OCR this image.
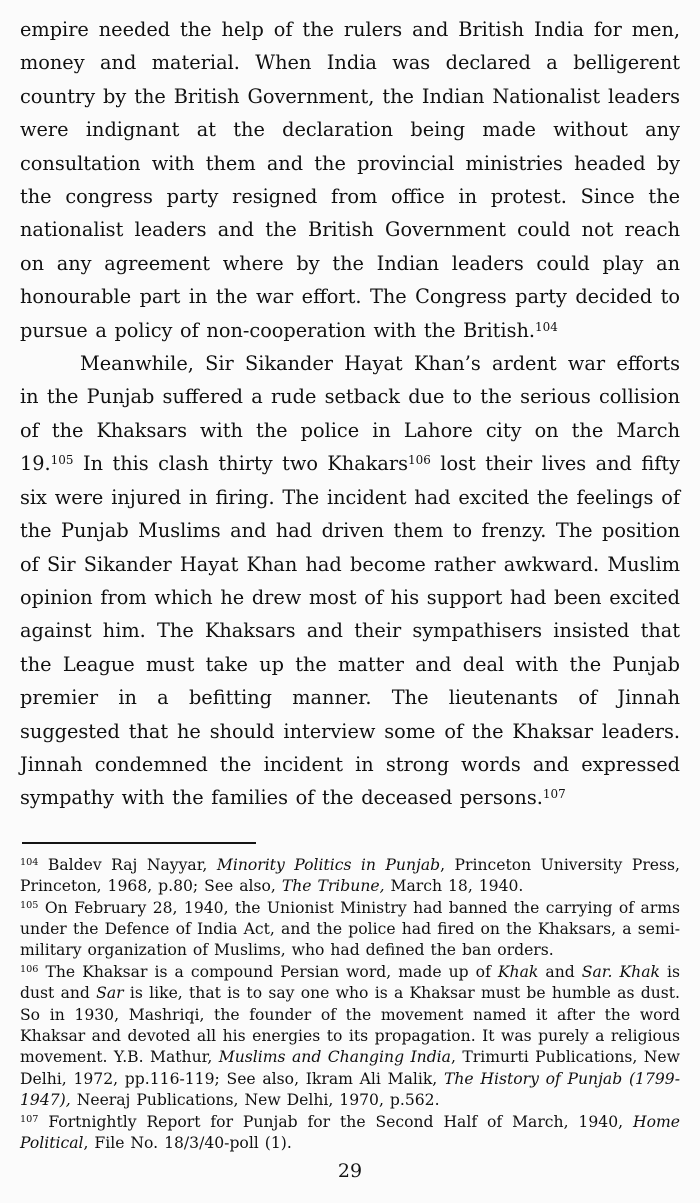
empire needed the help of the rulers and British India for men, money and material. When India was declared a belligerent country by the British Government, the Indian Nationalist leaders were indignant at the declaration being made without any consultation with them and the provincial ministries headed by the congress party resigned from office in protest. Since the nationalist leaders and the British Government could not reach on any agreement where by the Indian leaders could play an honourable part in the war effort. The Congress party decided to pursue a policy of non-cooperation with the British.$^{104}$

Meanwhile, Sir Sikander Hayat Khan’s ardent war efforts in the Punjab suffered a rude setback due to the serious collision of the Khaksars with the police in Lahore city on the March 19.$^{105}$ In this clash thirty two Khakars$^{106}$ lost their lives and fifty six were injured in firing. The incident had excited the feelings of the Punjab Muslims and had driven them to frenzy. The position of Sir Sikander Hayat Khan had become rather awkward. Muslim opinion from which he drew most of his support had been excited against him. The Khaksars and their sympathisers insisted that the League must take up the matter and deal with the Punjab premier in a befitting manner. The lieutenants of Jinnah suggested that he should interview some of the Khaksar leaders. Jinnah condemned the incident in strong words and expressed sympathy with the families of the deceased persons.$^{107}$

$^{104}$ Baldev Raj Nayyar, Minority Politics in Punjab, Princeton University Press, Princeton, 1968, p.80; See also, The Tribune, March 18, 1940.

$^{105}$ On February 28, 1940, the Unionist Ministry had banned the carrying of arms under the Defence of India Act, and the police had fired on the Khaksars, a semi-military organization of Muslims, who had defined the ban orders.

$^{106}$ The Khaksar is a compound Persian word, made up of Khak and Sar. Khak is dust and Sar is like, that is to say one who is a Khaksar must be humble as dust. So in 1930, Mashriqi, the founder of the movement named it after the word Khaksar and devoted all his energies to its propagation. It was purely a religious movement. Y.B. Mathur, Muslims and Changing India, Trimurti Publications, New Delhi, 1972, pp.116-119; See also, Ikram Ali Malik, The History of Punjab (1799-1947), Neeraj Publications, New Delhi, 1970, p.562.

$^{107}$ Fortnightly Report for Punjab for the Second Half of March, 1940, Home Political, File No. 18/3/40-poll (1).

29
